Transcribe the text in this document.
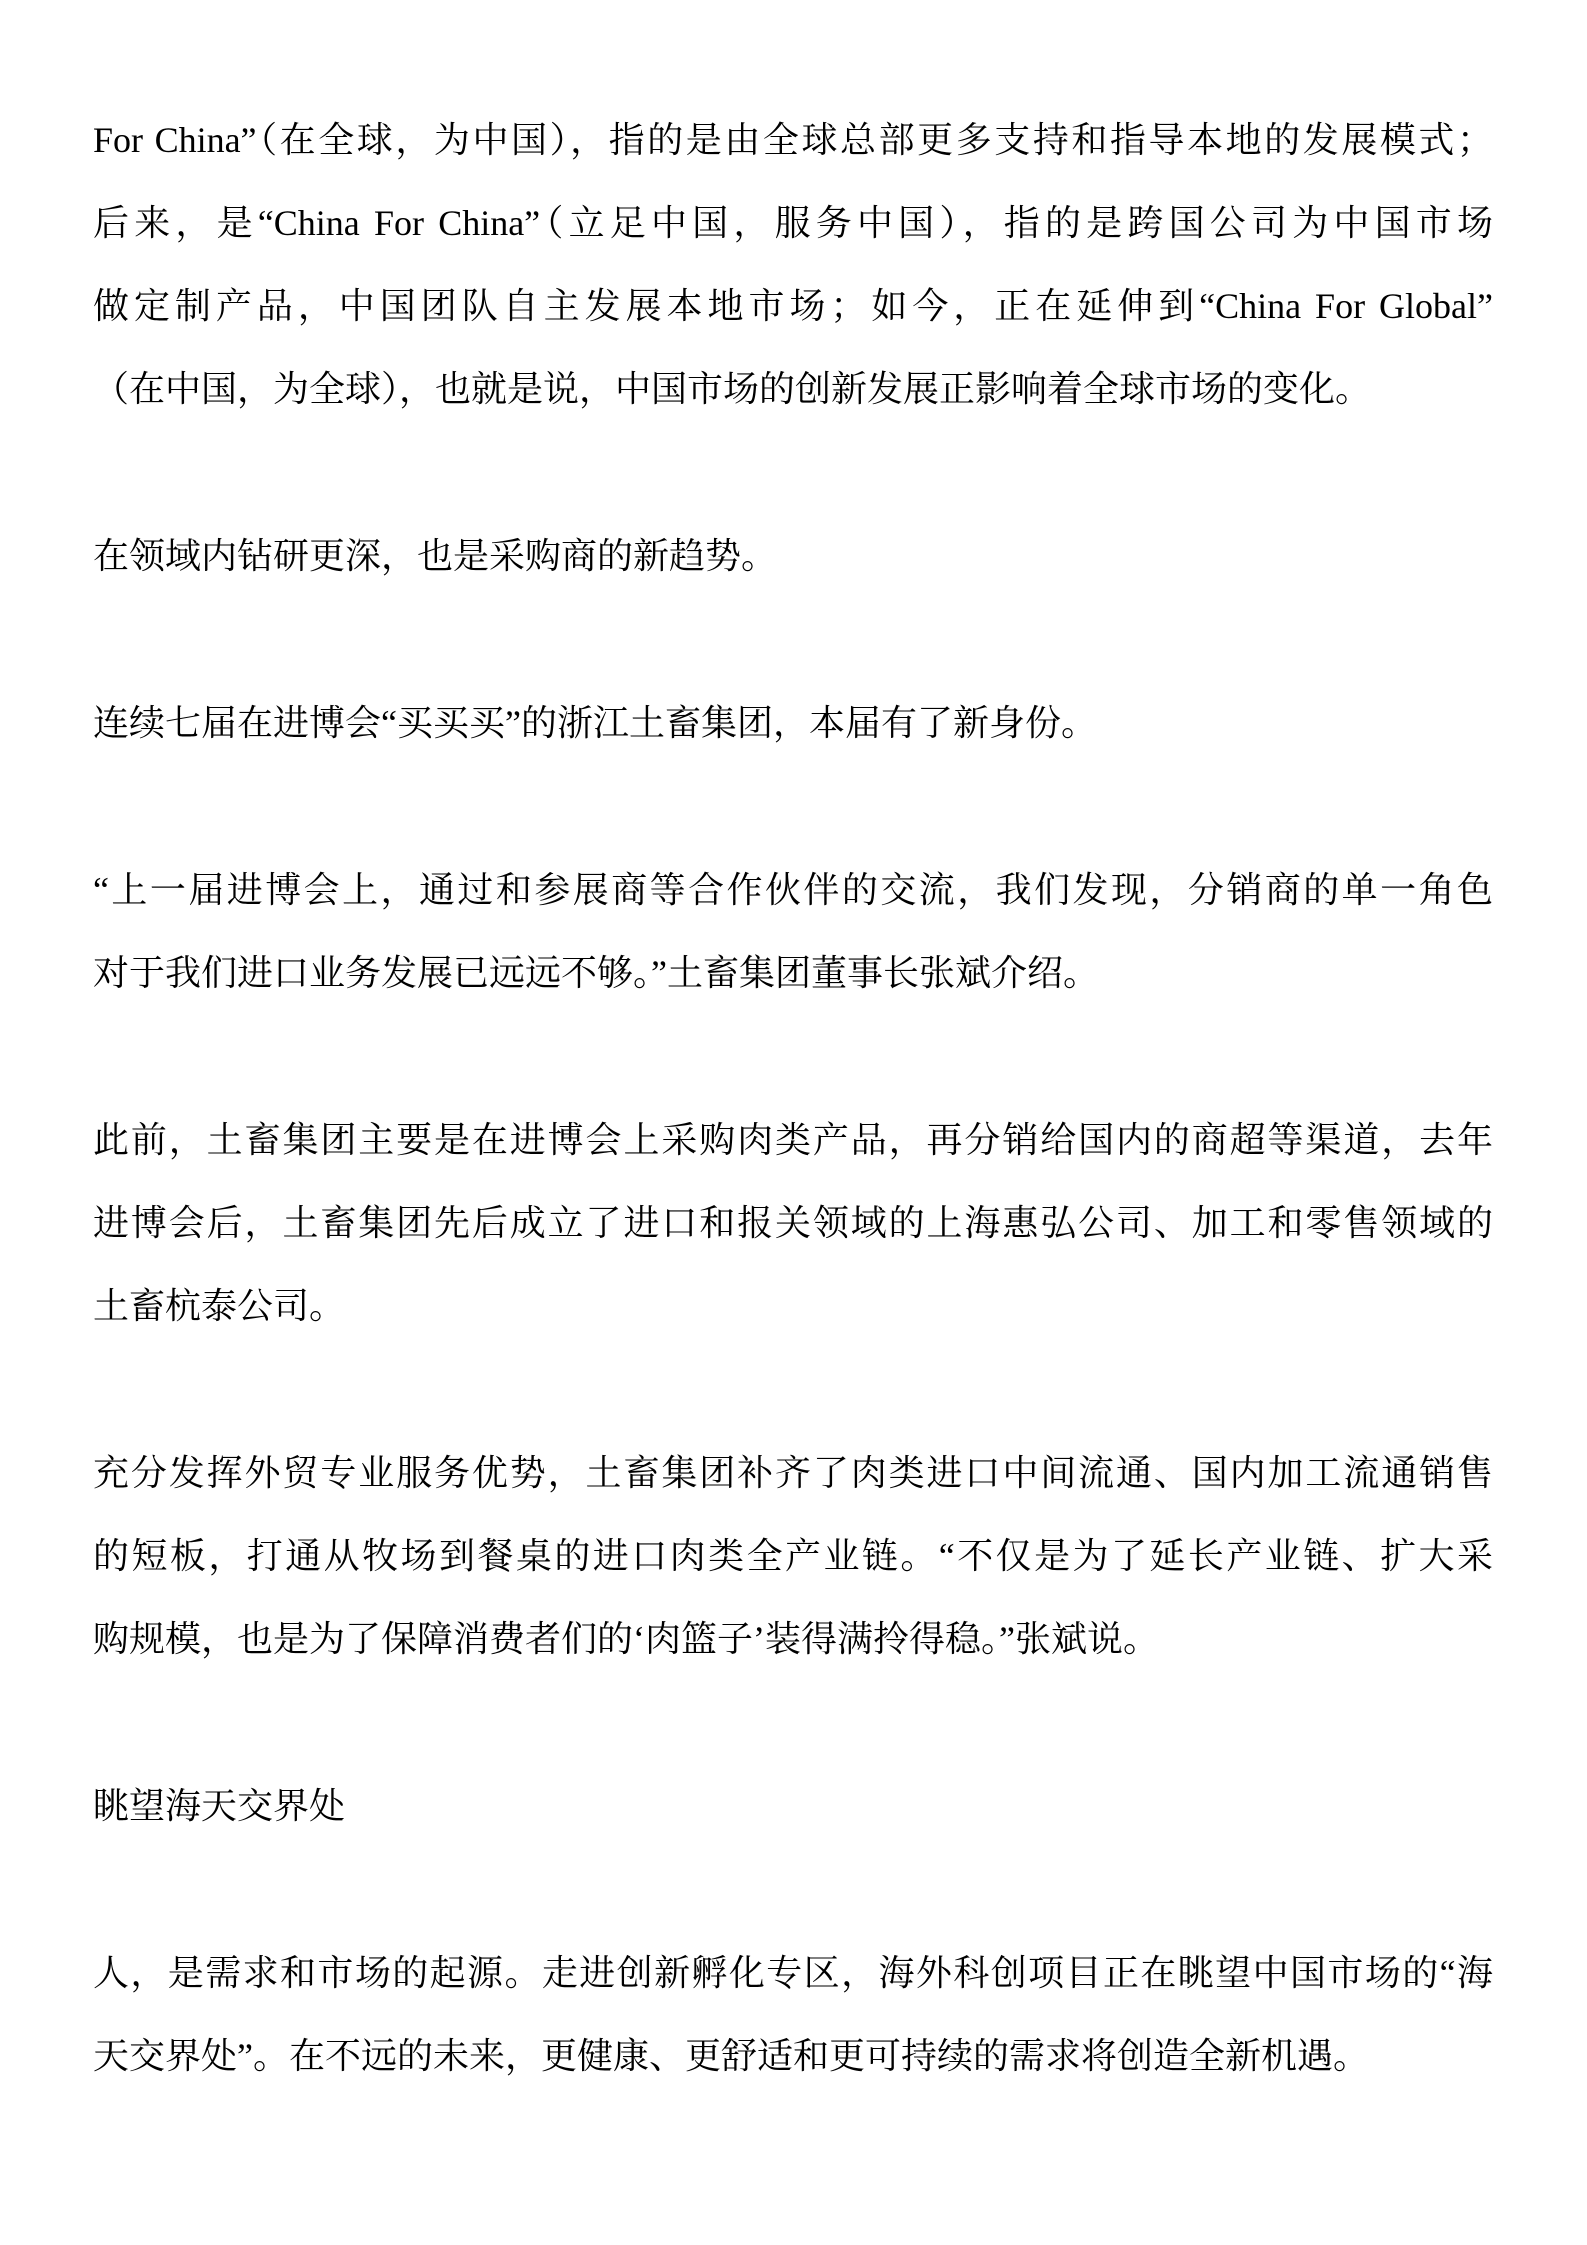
For China”（在全球，为中国），指的是由全球总部更多支持和指导本地的发展模式；
后来，是“China For China”（立足中国，服务中国），指的是跨国公司为中国市场
做定制产品，中国团队自主发展本地市场；如今，正在延伸到“China For Global”
（在中国，为全球），也就是说，中国市场的创新发展正影响着全球市场的变化。
在领域内钻研更深，也是采购商的新趋势。
连续七届在进博会“买买买”的浙江土畜集团，本届有了新身份。
“上一届进博会上，通过和参展商等合作伙伴的交流，我们发现，分销商的单一角色
对于我们进口业务发展已远远不够。”土畜集团董事长张斌介绍。
此前，土畜集团主要是在进博会上采购肉类产品，再分销给国内的商超等渠道，去年
进博会后，土畜集团先后成立了进口和报关领域的上海惠弘公司、加工和零售领域的
土畜杭泰公司。
充分发挥外贸专业服务优势，土畜集团补齐了肉类进口中间流通、国内加工流通销售
的短板，打通从牧场到餐桌的进口肉类全产业链。“不仅是为了延长产业链、扩大采
购规模，也是为了保障消费者们的‘肉篮子’装得满拎得稳。”张斌说。
眺望海天交界处
人，是需求和市场的起源。走进创新孵化专区，海外科创项目正在眺望中国市场的“海
天交界处”。在不远的未来，更健康、更舒适和更可持续的需求将创造全新机遇。
